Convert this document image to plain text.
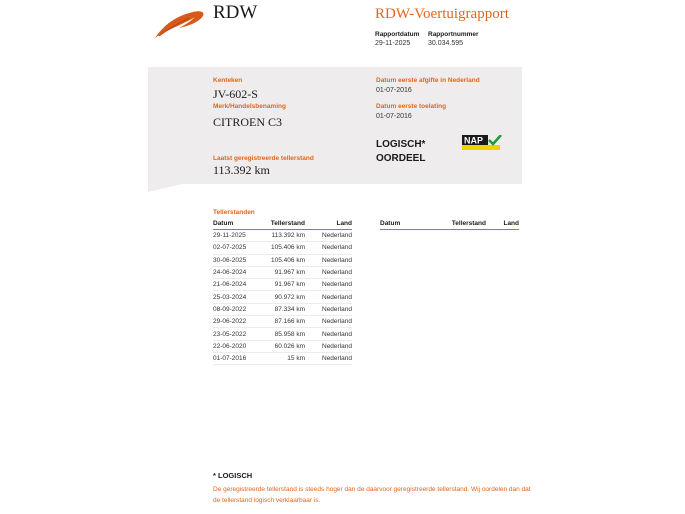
RDW	RDW-Voertuigrapport
Rapportdatum
29-11-2025
Rapportnummer
30.034.595
Kenteken
JV-602-S
Merk/Handelsbenaming
CITROEN C3
Laatst geregistreerde tellerstand
113.392 km
Datum eerste afgifte in Nederland
01-07-2016
Datum eerste toelating
01-07-2016
LOGISCH*
OORDEEL
NAP
Tellerstanden
Datum	Tellerstand	Land
29-11-2025	113.392 km	Nederland
02-07-2025	105.406 km	Nederland
30-06-2025	105.406 km	Nederland
24-06-2024	91.967 km	Nederland
21-06-2024	91.967 km	Nederland
25-03-2024	90.972 km	Nederland
08-09-2022	87.334 km	Nederland
29-06-2022	87.166 km	Nederland
23-05-2022	85.958 km	Nederland
22-06-2020	60.026 km	Nederland
01-07-2016	15 km	Nederland
Datum	Tellerstand	Land
* LOGISCH
De geregistreerde tellerstand is steeds hoger dan de daarvoor geregistreerde tellerstand. Wij oordelen dan dat de tellerstand logisch verklaarbaar is.
